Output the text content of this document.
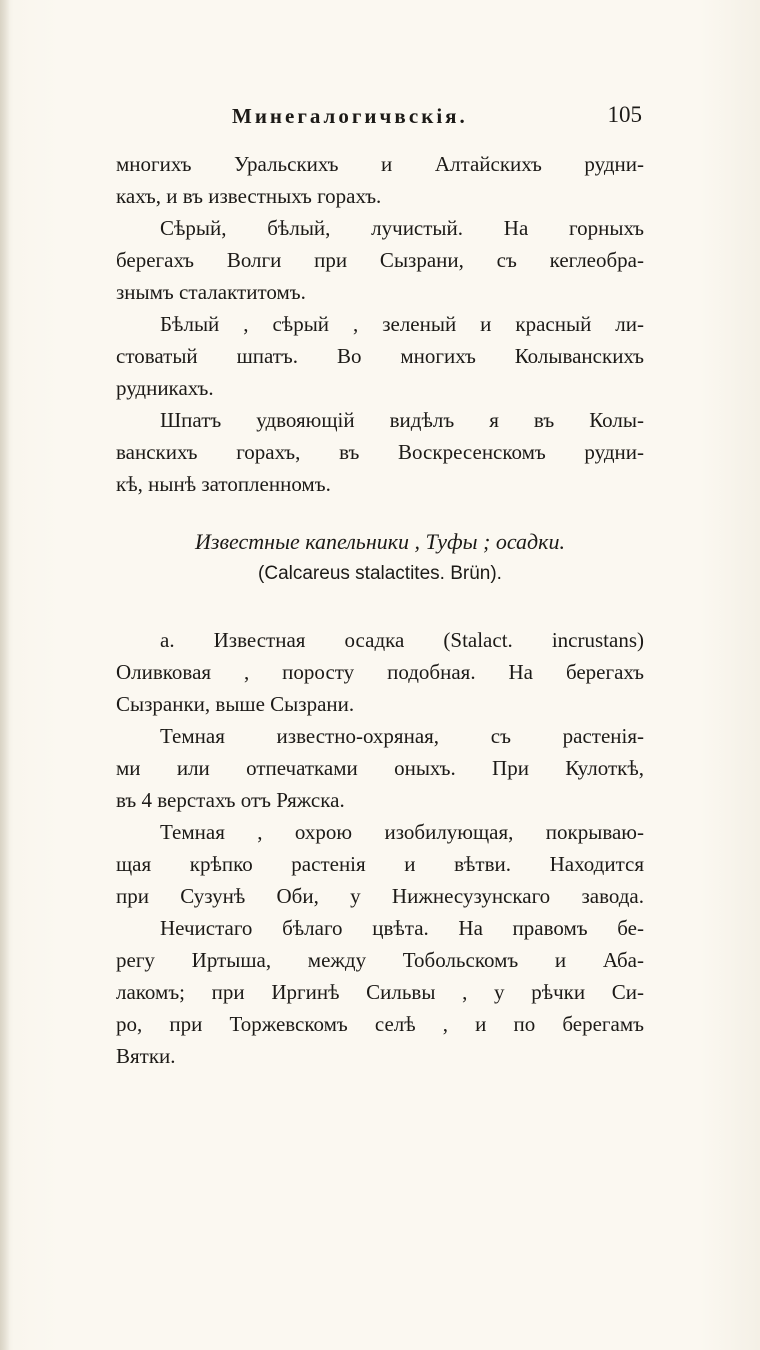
Минегалогичвскія.	105
многихъ Уральскихъ и Алтайскихъ рудни-
кахъ, и въ известныхъ горахъ.
Сѣрый, бѣлый, лучистый. На горныхъ
берегахъ Волги при Сызрани, съ кеглеобра-
знымъ сталактитомъ.
Бѣлый , сѣрый , зеленый и красный ли-
стоватый шпатъ. Во многихъ Колыванскихъ
рудникахъ.
Шпатъ удвояющій видѣлъ я въ Колы-
ванскихъ горахъ, въ Воскресенскомъ рудни-
кѣ, нынѣ затопленномъ.
Известные капельники , Туфы ; осадки.
(Calcareus stalactites. Brün).
а. Известная осадка (Stalact. incrustans)
Оливковая , поросту подобная. На берегахъ
Сызранки, выше Сызрани.
Темная известно-охряная, съ растенія-
ми или отпечатками оныхъ. При Кулоткѣ,
въ 4 верстахъ отъ Ряжска.
Темная , охрою изобилующая, покрываю-
щая крѣпко растенія и вѣтви. Находится
при Сузунѣ Оби, у Нижнесузунскаго завода.
Нечистаго бѣлаго цвѣта. На правомъ бе-
регу Иртыша, между Тобольскомъ и Аба-
лакомъ; при Иргинѣ Сильвы , у рѣчки Си-
ро, при Торжевскомъ селѣ , и по берегамъ
Вятки.
